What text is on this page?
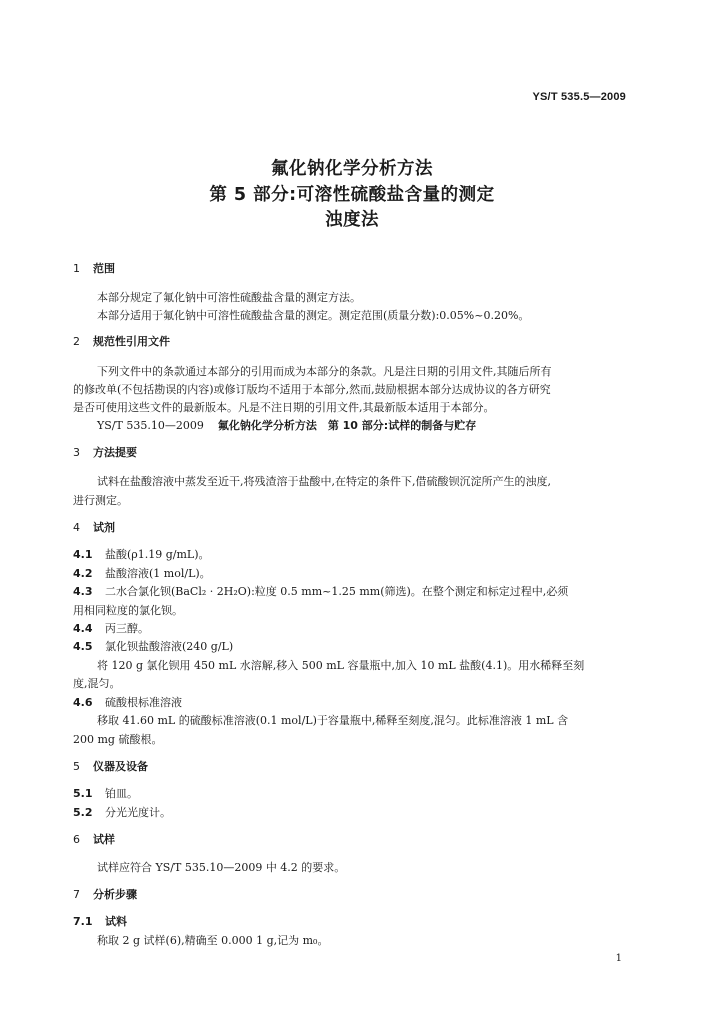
YS/T 535.5—2009
氟化钠化学分析方法
第 5 部分:可溶性硫酸盐含量的测定
浊度法
1 范围
本部分规定了氟化钠中可溶性硫酸盐含量的测定方法。
本部分适用于氟化钠中可溶性硫酸盐含量的测定。测定范围(质量分数):0.05%~0.20%。
2 规范性引用文件
下列文件中的条款通过本部分的引用而成为本部分的条款。凡是注日期的引用文件,其随后所有
的修改单(不包括勘误的内容)或修订版均不适用于本部分,然而,鼓励根据本部分达成协议的各方研究
是否可使用这些文件的最新版本。凡是不注日期的引用文件,其最新版本适用于本部分。
YS/T 535.10—2009 氟化钠化学分析方法　第 10 部分:试样的制备与贮存
3 方法提要
试料在盐酸溶液中蒸发至近干,将残渣溶于盐酸中,在特定的条件下,借硫酸钡沉淀所产生的浊度,
进行测定。
4 试剂
4.1 盐酸(ρ1.19 g/mL)。
4.2 盐酸溶液(1 mol/L)。
4.3 二水合氯化钡(BaCl₂ · 2H₂O):粒度 0.5 mm~1.25 mm(筛选)。在整个测定和标定过程中,必须
用相同粒度的氯化钡。
4.4 丙三醇。
4.5 氯化钡盐酸溶液(240 g/L)
将 120 g 氯化钡用 450 mL 水溶解,移入 500 mL 容量瓶中,加入 10 mL 盐酸(4.1)。用水稀释至刻
度,混匀。
4.6 硫酸根标准溶液
移取 41.60 mL 的硫酸标准溶液(0.1 mol/L)于容量瓶中,稀释至刻度,混匀。此标准溶液 1 mL 含
200 mg 硫酸根。
5 仪器及设备
5.1 铂皿。
5.2 分光光度计。
6 试样
试样应符合 YS/T 535.10—2009 中 4.2 的要求。
7 分析步骤
7.1 试料
称取 2 g 试样(6),精确至 0.000 1 g,记为 m₀。
1
